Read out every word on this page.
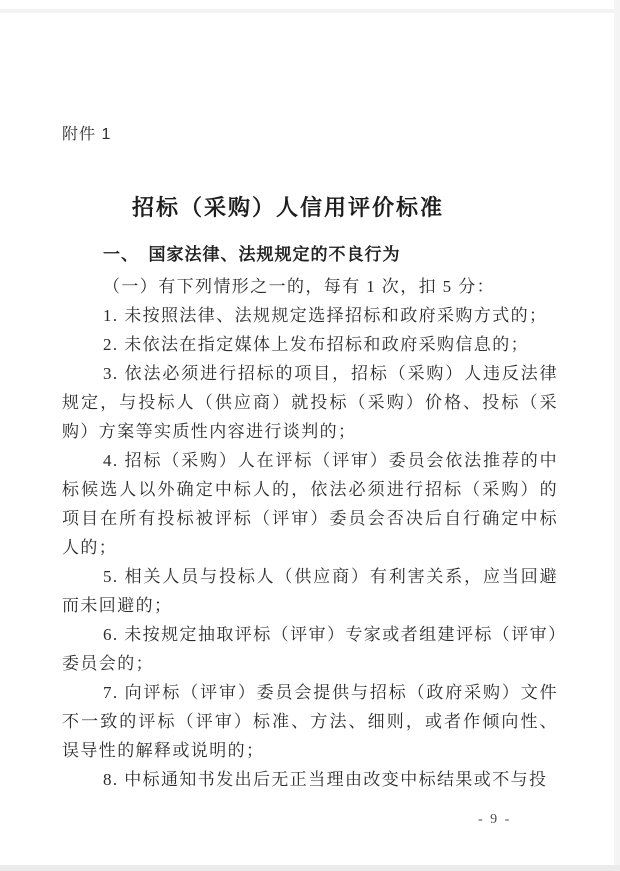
附件 1
招标（采购）人信用评价标准
一、　国家法律、法规规定的不良行为

（一）有下列情形之一的，每有 1 次，扣 5 分：

1. 未按照法律、法规规定选择招标和政府采购方式的；

2. 未依法在指定媒体上发布招标和政府采购信息的；

3. 依法必须进行招标的项目，招标（采购）人违反法律规定，与投标人（供应商）就投标（采购）价格、投标（采购）方案等实质性内容进行谈判的；

4. 招标（采购）人在评标（评审）委员会依法推荐的中标候选人以外确定中标人的，依法必须进行招标（采购）的项目在所有投标被评标（评审）委员会否决后自行确定中标人的；

5. 相关人员与投标人（供应商）有利害关系，应当回避而未回避的；

6. 未按规定抽取评标（评审）专家或者组建评标（评审）委员会的；

7. 向评标（评审）委员会提供与招标（政府采购）文件不一致的评标（评审）标准、方法、细则，或者作倾向性、误导性的解释或说明的；

8. 中标通知书发出后无正当理由改变中标结果或不与投

- 9 -
